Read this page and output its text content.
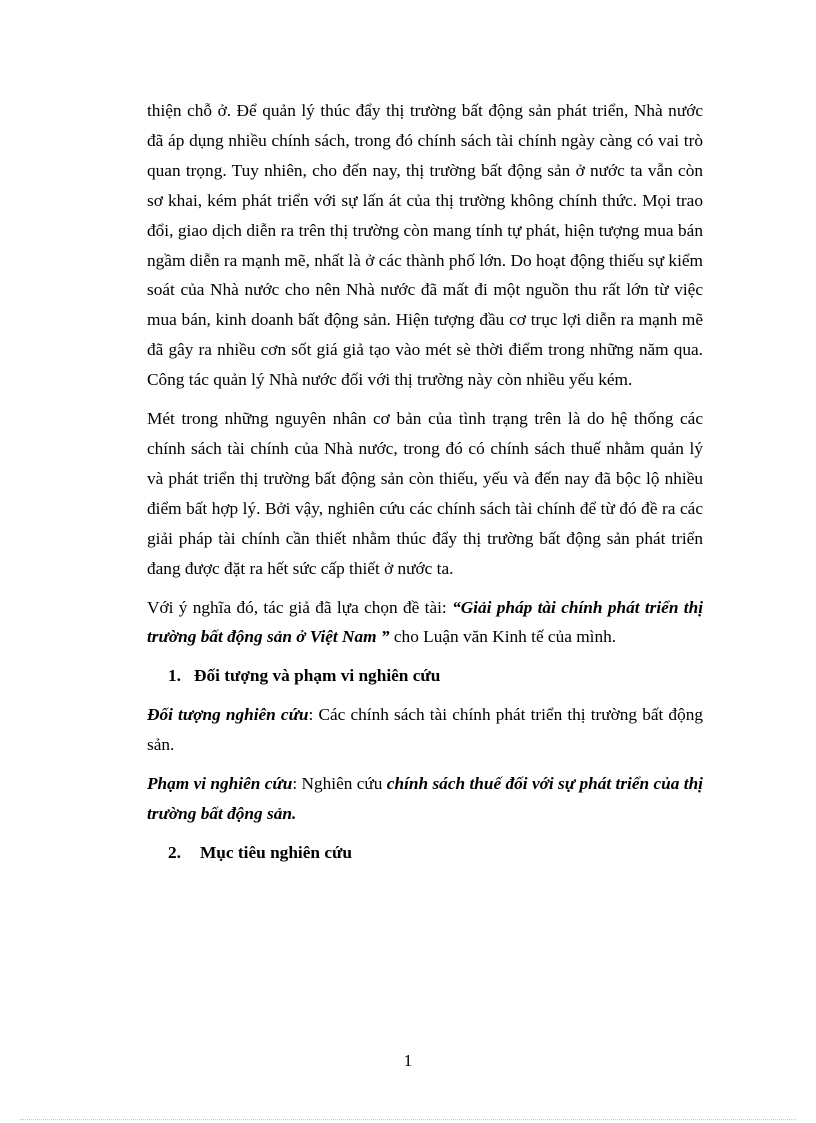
thiện chỗ ở. Để quản lý thúc đẩy thị trường bất động sản phát triển, Nhà nước đã áp dụng nhiều chính sách, trong đó chính sách tài chính ngày càng có vai trò quan trọng. Tuy nhiên, cho đến nay, thị trường bất động sản ở nước ta vẫn còn sơ khai, kém phát triển với sự lấn át của thị trường không chính thức. Mọi trao đổi, giao dịch diễn ra trên thị trường còn mang tính tự phát, hiện tượng mua bán ngầm diễn ra mạnh mẽ, nhất là ở các thành phố lớn. Do hoạt động thiếu sự kiểm soát của Nhà nước cho nên Nhà nước đã mất đi một nguồn thu rất lớn từ việc mua bán, kinh doanh bất động sản. Hiện tượng đầu cơ trục lợi diễn ra mạnh mẽ đã gây ra nhiều cơn sốt giá giả tạo vào mét sè thời điểm trong những năm qua. Công tác quản lý Nhà nước đối với thị trường này còn nhiều yếu kém.

Mét trong những nguyên nhân cơ bản của tình trạng trên là do hệ thống các chính sách tài chính của Nhà nước, trong đó có chính sách thuế nhằm quản lý và phát triển thị trường bất động sản còn thiếu, yếu và đến nay đã bộc lộ nhiều điểm bất hợp lý. Bởi vậy, nghiên cứu các chính sách tài chính để từ đó đề ra các giải pháp tài chính cần thiết nhằm thúc đẩy thị trường bất động sản phát triển đang được đặt ra hết sức cấp thiết ở nước ta.

Với ý nghĩa đó, tác giả đã lựa chọn đề tài: “Giải pháp tài chính phát triển thị trường bất động sản ở Việt Nam ” cho Luận văn Kinh tế của mình.

1. Đối tượng và phạm vi nghiên cứu

Đối tượng nghiên cứu: Các chính sách tài chính phát triển thị trường bất động sản.

Phạm vi nghiên cứu: Nghiên cứu chính sách thuế đối với sự phát triển của thị trường bất động sản.

2. Mục tiêu nghiên cứu

1
